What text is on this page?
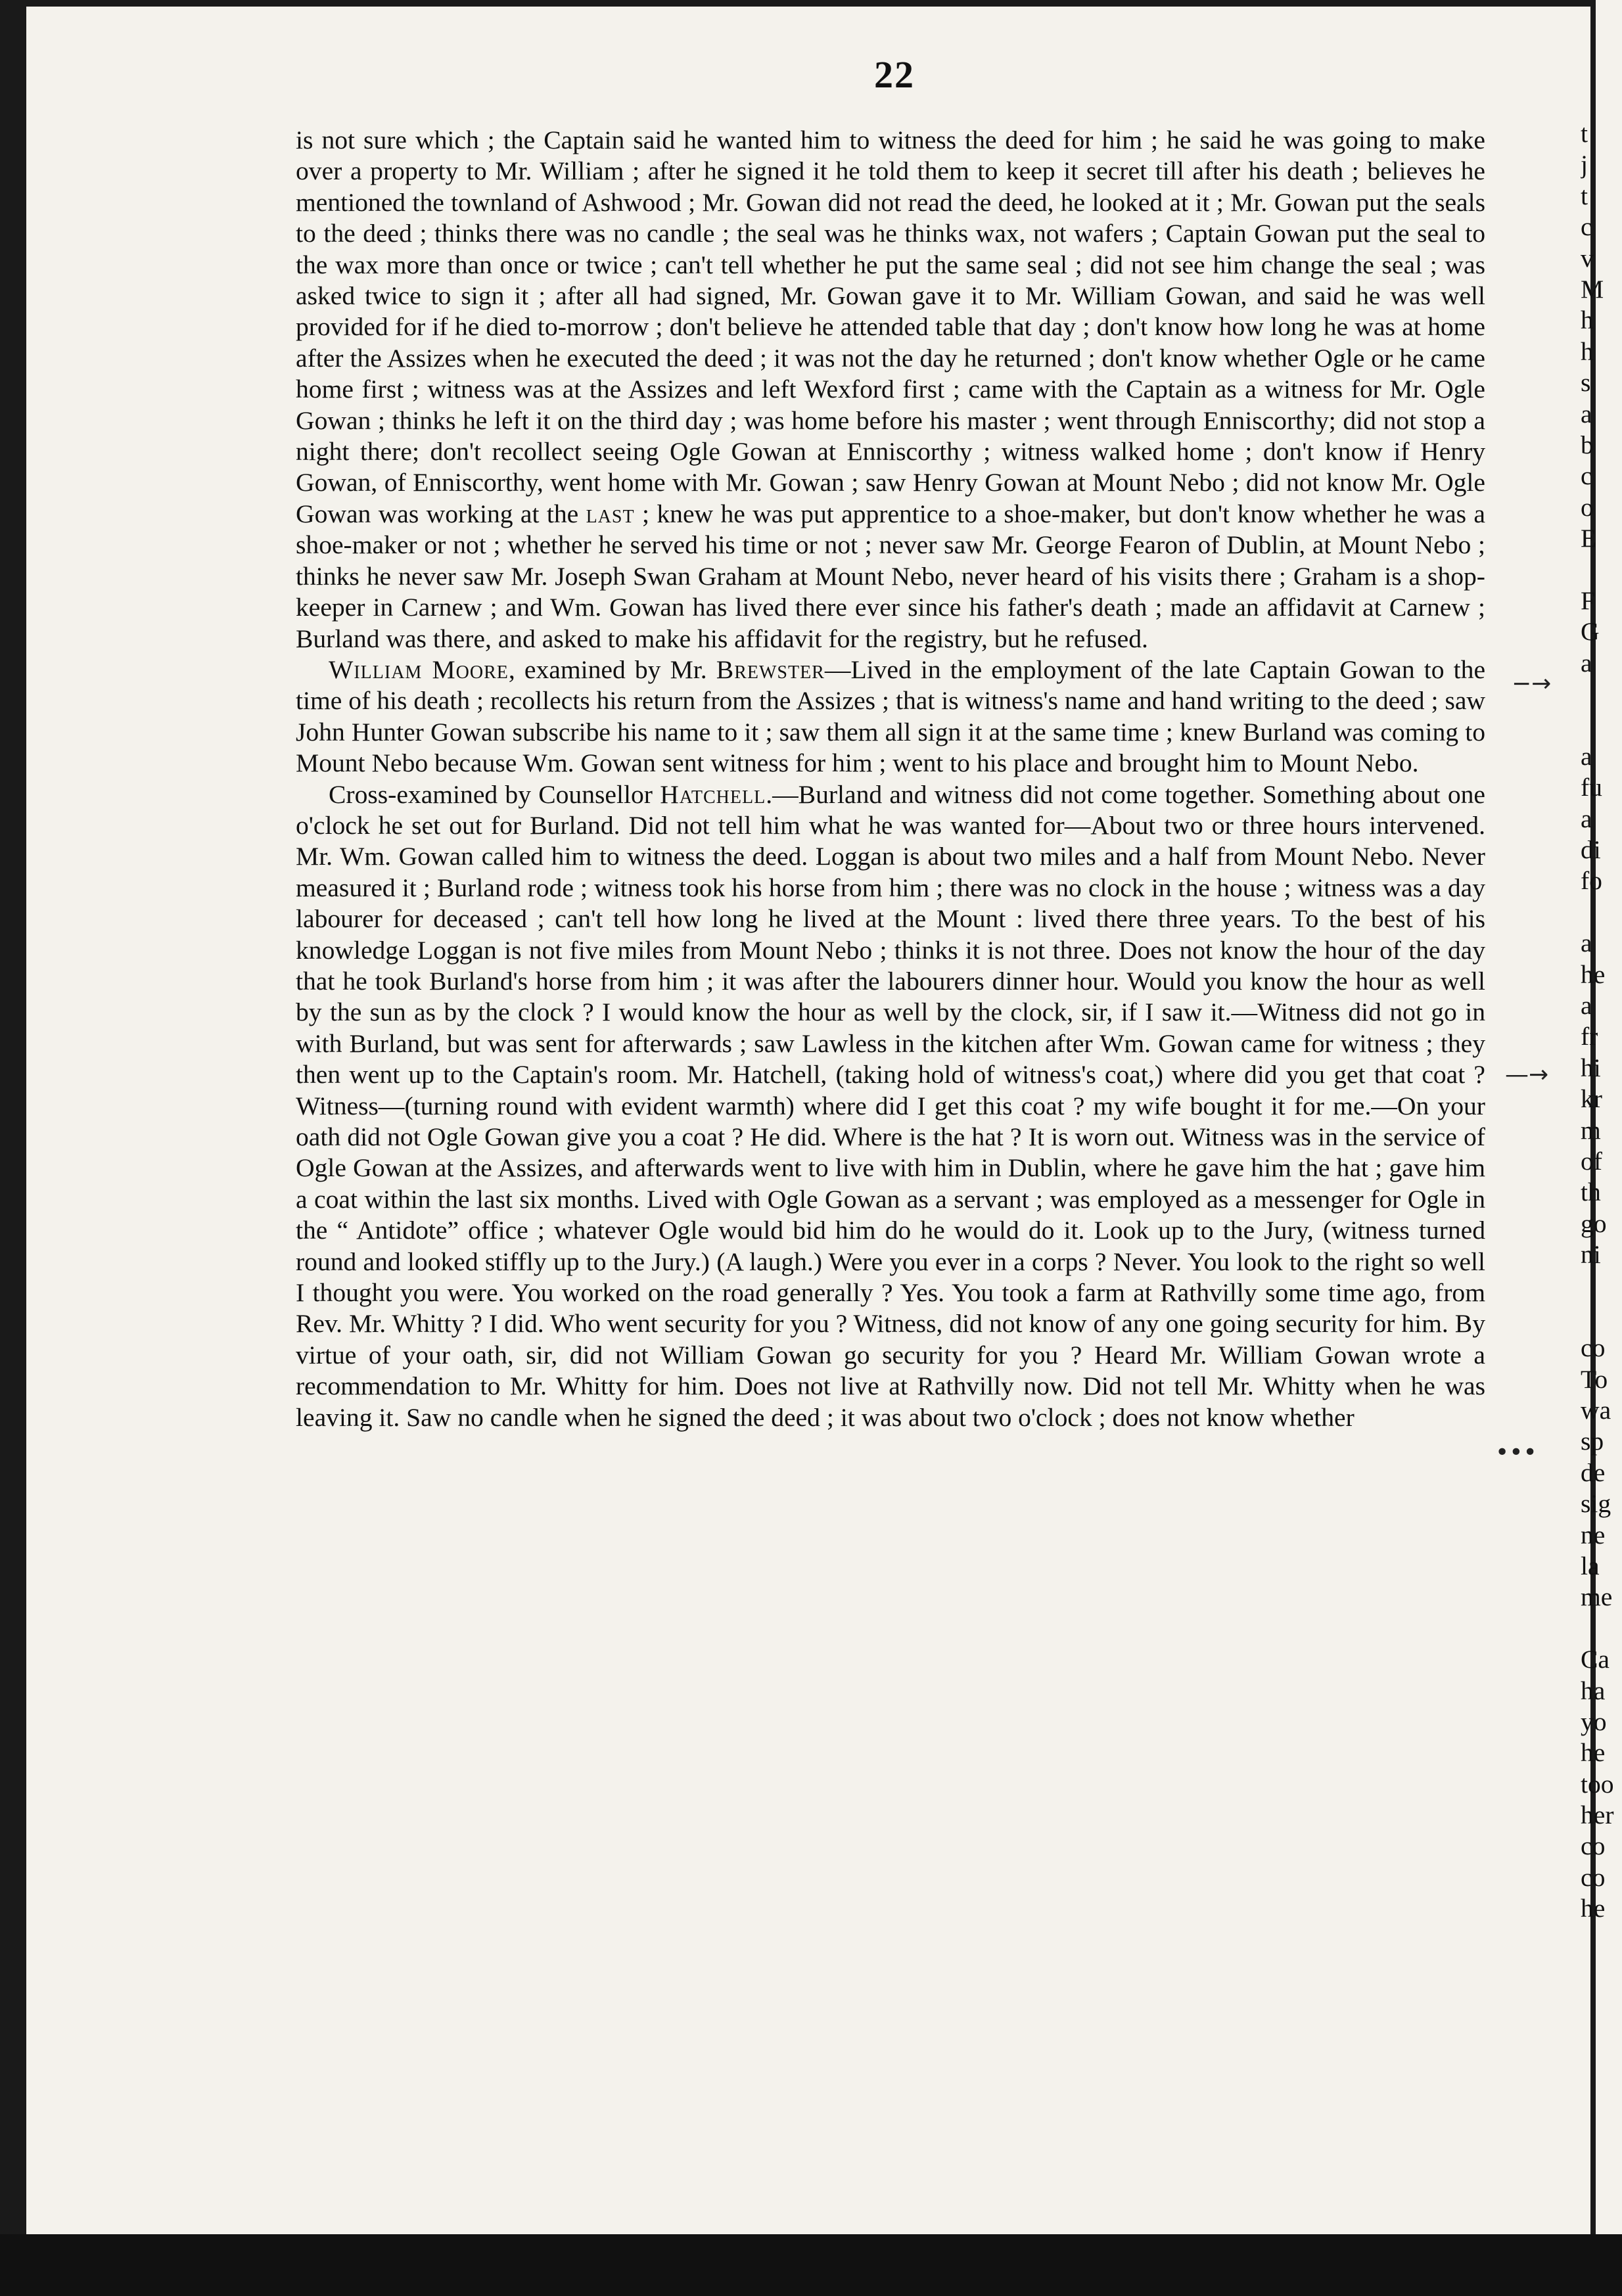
22

is not sure which ; the Captain said he wanted him to witness the deed for him ; he said he was going to make over a property to Mr. William ; after he signed it he told them to keep it secret till after his death ; believes he mentioned the townland of Ashwood ; Mr. Gowan did not read the deed, he looked at it ; Mr. Gowan put the seals to the deed ; thinks there was no candle ; the seal was he thinks wax, not wafers ; Captain Gowan put the seal to the wax more than once or twice ; can't tell whether he put the same seal ; did not see him change the seal ; was asked twice to sign it ; after all had signed, Mr. Gowan gave it to Mr. William Gowan, and said he was well provided for if he died to-morrow ; don't believe he attended table that day ; don't know how long he was at home after the Assizes when he executed the deed ; it was not the day he returned ; don't know whether Ogle or he came home first ; witness was at the Assizes and left Wexford first ; came with the Captain as a witness for Mr. Ogle Gowan ; thinks he left it on the third day ; was home before his master ; went through Enniscorthy; did not stop a night there; don't recollect seeing Ogle Gowan at Enniscorthy ; witness walked home ; don't know if Henry Gowan, of Enniscorthy, went home with Mr. Gowan ; saw Henry Gowan at Mount Nebo ; did not know Mr. Ogle Gowan was working at the last ; knew he was put apprentice to a shoe-maker, but don't know whether he was a shoe-maker or not ; whether he served his time or not ; never saw Mr. George Fearon of Dublin, at Mount Nebo ; thinks he never saw Mr. Joseph Swan Graham at Mount Nebo, never heard of his visits there ; Graham is a shop-keeper in Carnew ; and Wm. Gowan has lived there ever since his father's death ; made an affidavit at Carnew ; Burland was there, and asked to make his affidavit for the registry, but he refused.

William Moore, examined by Mr. Brewster—Lived in the employment of the late Captain Gowan to the time of his death ; recollects his return from the Assizes ; that is witness's name and hand writing to the deed ; saw John Hunter Gowan subscribe his name to it ; saw them all sign it at the same time ; knew Burland was coming to Mount Nebo because Wm. Gowan sent witness for him ; went to his place and brought him to Mount Nebo.

Cross-examined by Counsellor Hatchell.—Burland and witness did not come together. Something about one o'clock he set out for Burland. Did not tell him what he was wanted for—About two or three hours intervened. Mr. Wm. Gowan called him to witness the deed. Loggan is about two miles and a half from Mount Nebo. Never measured it ; Burland rode ; witness took his horse from him ; there was no clock in the house ; witness was a day labourer for deceased ; can't tell how long he lived at the Mount : lived there three years. To the best of his knowledge Loggan is not five miles from Mount Nebo ; thinks it is not three. Does not know the hour of the day that he took Burland's horse from him ; it was after the labourers dinner hour. Would you know the hour as well by the sun as by the clock ? I would know the hour as well by the clock, sir, if I saw it.—Witness did not go in with Burland, but was sent for afterwards ; saw Lawless in the kitchen after Wm. Gowan came for witness ; they then went up to the Captain's room. Mr. Hatchell, (taking hold of witness's coat,) where did you get that coat ? Witness—(turning round with evident warmth) where did I get this coat ? my wife bought it for me.—On your oath did not Ogle Gowan give you a coat ? He did. Where is the hat ? It is worn out. Witness was in the service of Ogle Gowan at the Assizes, and afterwards went to live with him in Dublin, where he gave him the hat ; gave him a coat within the last six months. Lived with Ogle Gowan as a servant ; was employed as a messenger for Ogle in the “ Antidote” office ; whatever Ogle would bid him do he would do it. Look up to the Jury, (witness turned round and looked stiffly up to the Jury.) (A laugh.) Were you ever in a corps ? Never. You look to the right so well I thought you were. You worked on the road generally ? Yes. You took a farm at Rathvilly some time ago, from Rev. Mr. Whitty ? I did. Who went security for you ? Witness, did not know of any one going security for him. By virtue of your oath, sir, did not William Gowan go security for you ? Heard Mr. William Gowan wrote a recommendation to Mr. Whitty for him. Does not live at Rathvilly now. Did not tell Mr. Whitty when he was leaving it. Saw no candle when he signed the deed ; it was about two o'clock ; does not know whether

t
j
t
c
v
M
h
h
s
a
b
c
o
E
F
G
a
a
fu
a
di
fo
a
he
a
fr
hi
kr
m
of
th
go
ni
co
To
wa
sp
de
sig
ne
la
me
Ca
ha
yo
he
too
her
co
co
he
−→
—→
•••
